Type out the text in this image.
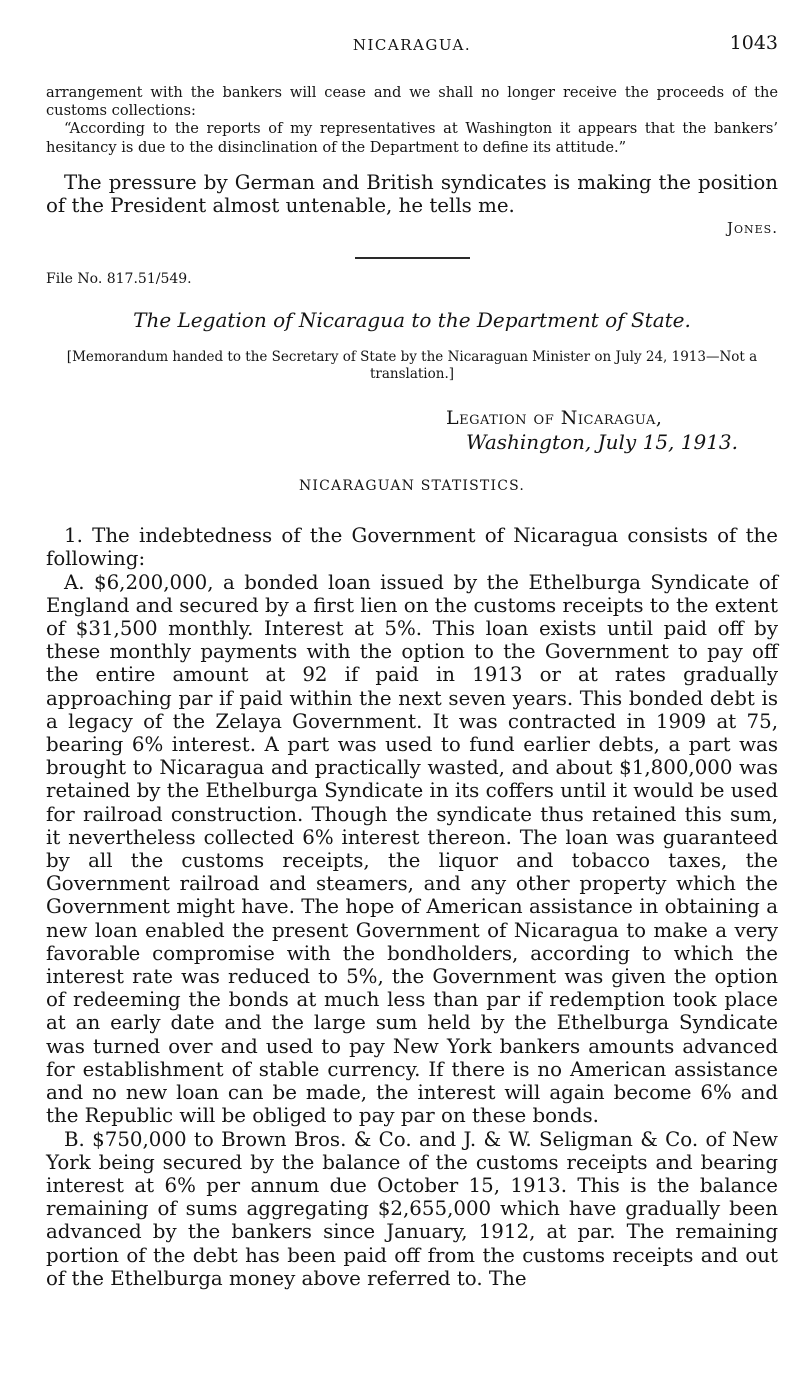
NICARAGUA.	1043

arrangement with the bankers will cease and we shall no longer receive the proceeds of the customs collections:

“According to the reports of my representatives at Washington it appears that the bankers’ hesitancy is due to the disinclination of the Department to define its attitude.”

The pressure by German and British syndicates is making the position of the President almost untenable, he tells me.

Jones.
File No. 817.51/549.
The Legation of Nicaragua to the Department of State.
[Memorandum handed to the Secretary of State by the Nicaraguan Minister on July 24, 1913—Not a translation.]
Legation of Nicaragua,
Washington, July 15, 1913.
NICARAGUAN STATISTICS.

1. The indebtedness of the Government of Nicaragua consists of the following:

A. $6,200,000, a bonded loan issued by the Ethelburga Syndicate of England and secured by a first lien on the customs receipts to the extent of $31,500 monthly. Interest at 5%. This loan exists until paid off by these monthly payments with the option to the Government to pay off the entire amount at 92 if paid in 1913 or at rates gradually approaching par if paid within the next seven years. This bonded debt is a legacy of the Zelaya Government. It was contracted in 1909 at 75, bearing 6% interest. A part was used to fund earlier debts, a part was brought to Nicaragua and practically wasted, and about $1,800,000 was retained by the Ethelburga Syndicate in its coffers until it would be used for railroad construction. Though the syndicate thus retained this sum, it nevertheless collected 6% interest thereon. The loan was guaranteed by all the customs receipts, the liquor and tobacco taxes, the Government railroad and steamers, and any other property which the Government might have. The hope of American assistance in obtaining a new loan enabled the present Government of Nicaragua to make a very favorable compromise with the bondholders, according to which the interest rate was reduced to 5%, the Government was given the option of redeeming the bonds at much less than par if redemption took place at an early date and the large sum held by the Ethelburga Syndicate was turned over and used to pay New York bankers amounts advanced for establishment of stable currency. If there is no American assistance and no new loan can be made, the interest will again become 6% and the Republic will be obliged to pay par on these bonds.

B. $750,000 to Brown Bros. & Co. and J. & W. Seligman & Co. of New York being secured by the balance of the customs receipts and bearing interest at 6% per annum due October 15, 1913. This is the balance remaining of sums aggregating $2,655,000 which have gradually been advanced by the bankers since January, 1912, at par. The remaining portion of the debt has been paid off from the customs receipts and out of the Ethelburga money above referred to. The
